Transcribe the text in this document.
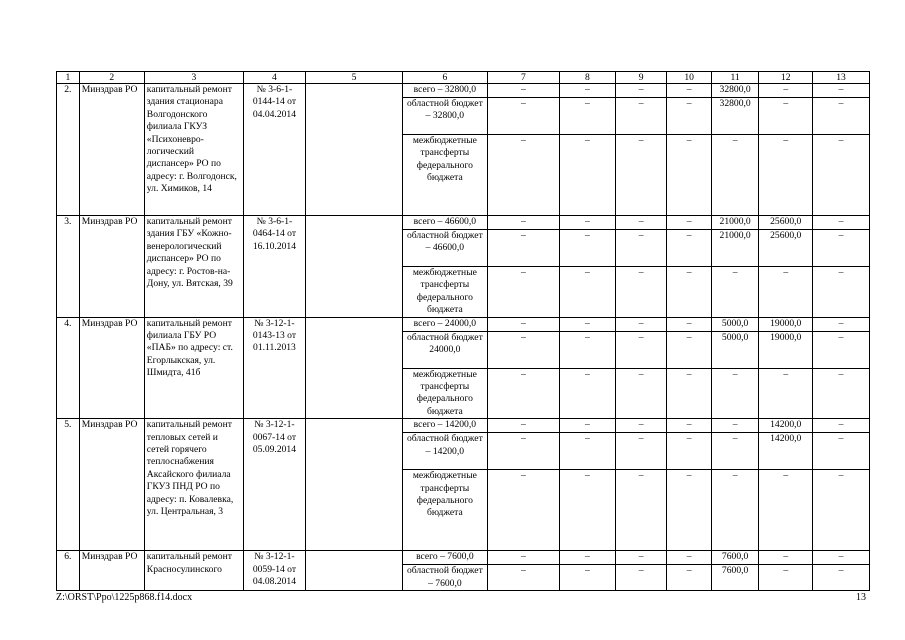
1	2	3	4	5	6	7	8	9	10	11	12	13
2.	Минздрав РО	капитальный ремонт здания стационара Волгодонского филиала ГКУЗ «Психоневро-логический диспансер» РО по адресу: г. Волгодонск, ул. Химиков, 14	№ 3-6-1-0144-14 от 04.04.2014		всего – 32800,0	–	–	–	–	32800,0	–	–
					областной бюджет – 32800,0	–	–	–	–	32800,0	–	–
					межбюджетные трансферты федерального бюджета	–	–	–	–	–	–	–
3.	Минздрав РО	капитальный ремонт здания ГБУ «Кожно-венерологический диспансер» РО по адресу: г. Ростов-на-Дону, ул. Вятская, 39	№ 3-6-1-0464-14 от 16.10.2014		всего – 46600,0	–	–	–	–	21000,0	25600,0	–
					областной бюджет – 46600,0	–	–	–	–	21000,0	25600,0	–
					межбюджетные трансферты федерального бюджета	–	–	–	–	–	–	–
4.	Минздрав РО	капитальный ремонт филиала ГБУ РО «ПАБ» по адресу: ст. Егорлыкская, ул. Шмидта, 41б	№ 3-12-1-0143-13 от 01.11.2013		всего – 24000,0	–	–	–	–	5000,0	19000,0	–
					областной бюджет 24000,0	–	–	–	–	5000,0	19000,0	–
					межбюджетные трансферты федерального бюджета	–	–	–	–	–	–	–
5.	Минздрав РО	капитальный ремонт тепловых сетей и сетей горячего теплоснабжения Аксайского филиала ГКУЗ ПНД РО по адресу: п. Ковалевка, ул. Центральная, 3	№ 3-12-1-0067-14 от 05.09.2014		всего – 14200,0	–	–	–	–	–	14200,0	–
					областной бюджет – 14200,0	–	–	–	–	–	14200,0	–
					межбюджетные трансферты федерального бюджета	–	–	–	–	–	–	–
6.	Минздрав РО	капитальный ремонт Красносулинского	№ 3-12-1-0059-14 от 04.08.2014		всего – 7600,0	–	–	–	–	7600,0	–	–
					областной бюджет – 7600,0	–	–	–	–	7600,0	–	–
Z:\ORST\Ppo\1225p868.f14.docx	13
